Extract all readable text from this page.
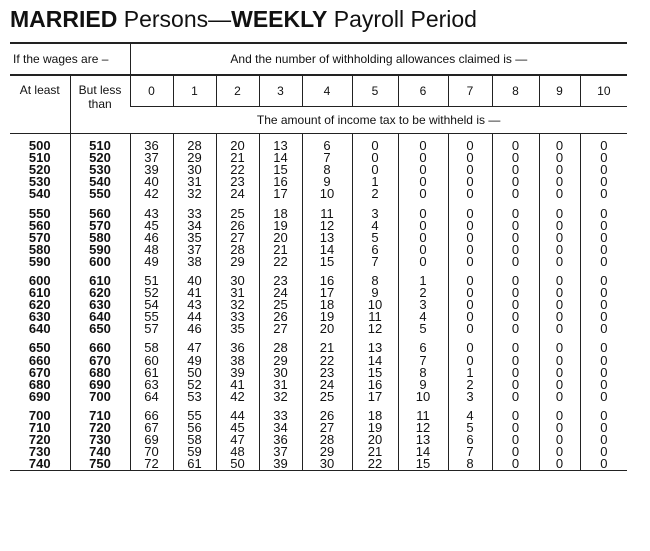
MARRIED Persons—WEEKLY Payroll Period
If the wages are –		And the number of withholding allowances claimed is —										
At least	But less
than	0	1	2	3	4	5	6	7	8	9	10
		The amount of income tax to be withheld is —										

500	510	36	28	20	13	6	0	0	0	0	0	0
510	520	37	29	21	14	7	0	0	0	0	0	0
520	530	39	30	22	15	8	0	0	0	0	0	0
530	540	40	31	23	16	9	1	0	0	0	0	0
540	550	42	32	24	17	10	2	0	0	0	0	0

550	560	43	33	25	18	11	3	0	0	0	0	0
560	570	45	34	26	19	12	4	0	0	0	0	0
570	580	46	35	27	20	13	5	0	0	0	0	0
580	590	48	37	28	21	14	6	0	0	0	0	0
590	600	49	38	29	22	15	7	0	0	0	0	0

600	610	51	40	30	23	16	8	1	0	0	0	0
610	620	52	41	31	24	17	9	2	0	0	0	0
620	630	54	43	32	25	18	10	3	0	0	0	0
630	640	55	44	33	26	19	11	4	0	0	0	0
640	650	57	46	35	27	20	12	5	0	0	0	0

650	660	58	47	36	28	21	13	6	0	0	0	0
660	670	60	49	38	29	22	14	7	0	0	0	0
670	680	61	50	39	30	23	15	8	1	0	0	0
680	690	63	52	41	31	24	16	9	2	0	0	0
690	700	64	53	42	32	25	17	10	3	0	0	0

700	710	66	55	44	33	26	18	11	4	0	0	0
710	720	67	56	45	34	27	19	12	5	0	0	0
720	730	69	58	47	36	28	20	13	6	0	0	0
730	740	70	59	48	37	29	21	14	7	0	0	0
740	750	72	61	50	39	30	22	15	8	0	0	0
